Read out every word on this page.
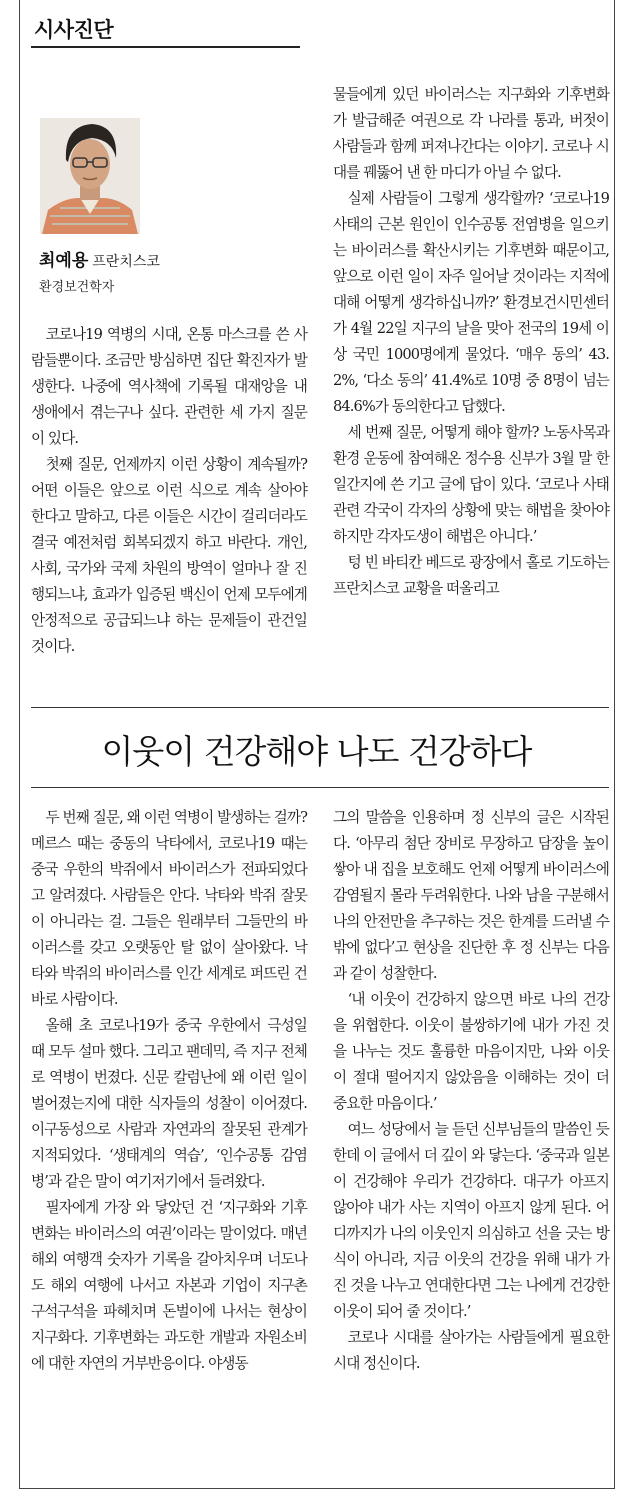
시사진단
최예용 프란치스코
환경보건학자

코로나19 역병의 시대, 온통 마스크를 쓴 사람들뿐이다. 조금만 방심하면 집단 확진자가 발생한다. 나중에 역사책에 기록될 대재앙을 내 생애에서 겪는구나 싶다. 관련한 세 가지 질문이 있다.

첫째 질문, 언제까지 이런 상황이 계속될까? 어떤 이들은 앞으로 이런 식으로 계속 살아야 한다고 말하고, 다른 이들은 시간이 걸리더라도 결국 예전처럼 회복되겠지 하고 바란다. 개인, 사회, 국가와 국제 차원의 방역이 얼마나 잘 진행되느냐, 효과가 입증된 백신이 언제 모두에게 안정적으로 공급되느냐 하는 문제들이 관건일 것이다.

물들에게 있던 바이러스는 지구화와 기후변화가 발급해준 여권으로 각 나라를 통과, 버젓이 사람들과 함께 퍼져나간다는 이야기. 코로나 시대를 꿰뚫어 낸 한 마디가 아닐 수 없다.

실제 사람들이 그렇게 생각할까? ‘코로나19 사태의 근본 원인이 인수공통 전염병을 일으키는 바이러스를 확산시키는 기후변화 때문이고, 앞으로 이런 일이 자주 일어날 것이라는 지적에 대해 어떻게 생각하십니까?’ 환경보건시민센터가 4월 22일 지구의 날을 맞아 전국의 19세 이상 국민 1000명에게 물었다. ‘매우 동의’ 43.2%, ‘다소 동의’ 41.4%로 10명 중 8명이 넘는 84.6%가 동의한다고 답했다.

세 번째 질문, 어떻게 해야 할까? 노동사목과 환경 운동에 참여해온 정수용 신부가 3월 말 한 일간지에 쓴 기고 글에 답이 있다. ‘코로나 사태 관련 각국이 각자의 상황에 맞는 해법을 찾아야 하지만 각자도생이 해법은 아니다.’

텅 빈 바티칸 베드로 광장에서 홀로 기도하는 프란치스코 교황을 떠올리고

이웃이 건강해야 나도 건강하다

두 번째 질문, 왜 이런 역병이 발생하는 걸까? 메르스 때는 중동의 낙타에서, 코로나19 때는 중국 우한의 박쥐에서 바이러스가 전파되었다고 알려졌다. 사람들은 안다. 낙타와 박쥐 잘못이 아니라는 걸. 그들은 원래부터 그들만의 바이러스를 갖고 오랫동안 탈 없이 살아왔다. 낙타와 박쥐의 바이러스를 인간 세계로 퍼뜨린 건 바로 사람이다.

올해 초 코로나19가 중국 우한에서 극성일 때 모두 설마 했다. 그리고 팬데믹, 즉 지구 전체로 역병이 번졌다. 신문 칼럼난에 왜 이런 일이 벌어졌는지에 대한 식자들의 성찰이 이어졌다. 이구동성으로 사람과 자연과의 잘못된 관계가 지적되었다. ‘생태계의 역습’, ‘인수공통 감염병’과 같은 말이 여기저기에서 들려왔다.

필자에게 가장 와 닿았던 건 ‘지구화와 기후변화는 바이러스의 여권’이라는 말이었다. 매년 해외 여행객 숫자가 기록을 갈아치우며 너도나도 해외 여행에 나서고 자본과 기업이 지구촌 구석구석을 파헤치며 돈벌이에 나서는 현상이 지구화다. 기후변화는 과도한 개발과 자원소비에 대한 자연의 거부반응이다. 야생동

그의 말씀을 인용하며 정 신부의 글은 시작된다. ‘아무리 첨단 장비로 무장하고 담장을 높이 쌓아 내 집을 보호해도 언제 어떻게 바이러스에 감염될지 몰라 두려워한다. 나와 남을 구분해서 나의 안전만을 추구하는 것은 한계를 드러낼 수밖에 없다’고 현상을 진단한 후 정 신부는 다음과 같이 성찰한다.

‘내 이웃이 건강하지 않으면 바로 나의 건강을 위협한다. 이웃이 불쌍하기에 내가 가진 것을 나누는 것도 훌륭한 마음이지만, 나와 이웃이 절대 떨어지지 않았음을 이해하는 것이 더 중요한 마음이다.’

여느 성당에서 늘 듣던 신부님들의 말씀인 듯한데 이 글에서 더 깊이 와 닿는다. ‘중국과 일본이 건강해야 우리가 건강하다. 대구가 아프지 않아야 내가 사는 지역이 아프지 않게 된다. 어디까지가 나의 이웃인지 의심하고 선을 긋는 방식이 아니라, 지금 이웃의 건강을 위해 내가 가진 것을 나누고 연대한다면 그는 나에게 건강한 이웃이 되어 줄 것이다.’

코로나 시대를 살아가는 사람들에게 필요한 시대 정신이다.
